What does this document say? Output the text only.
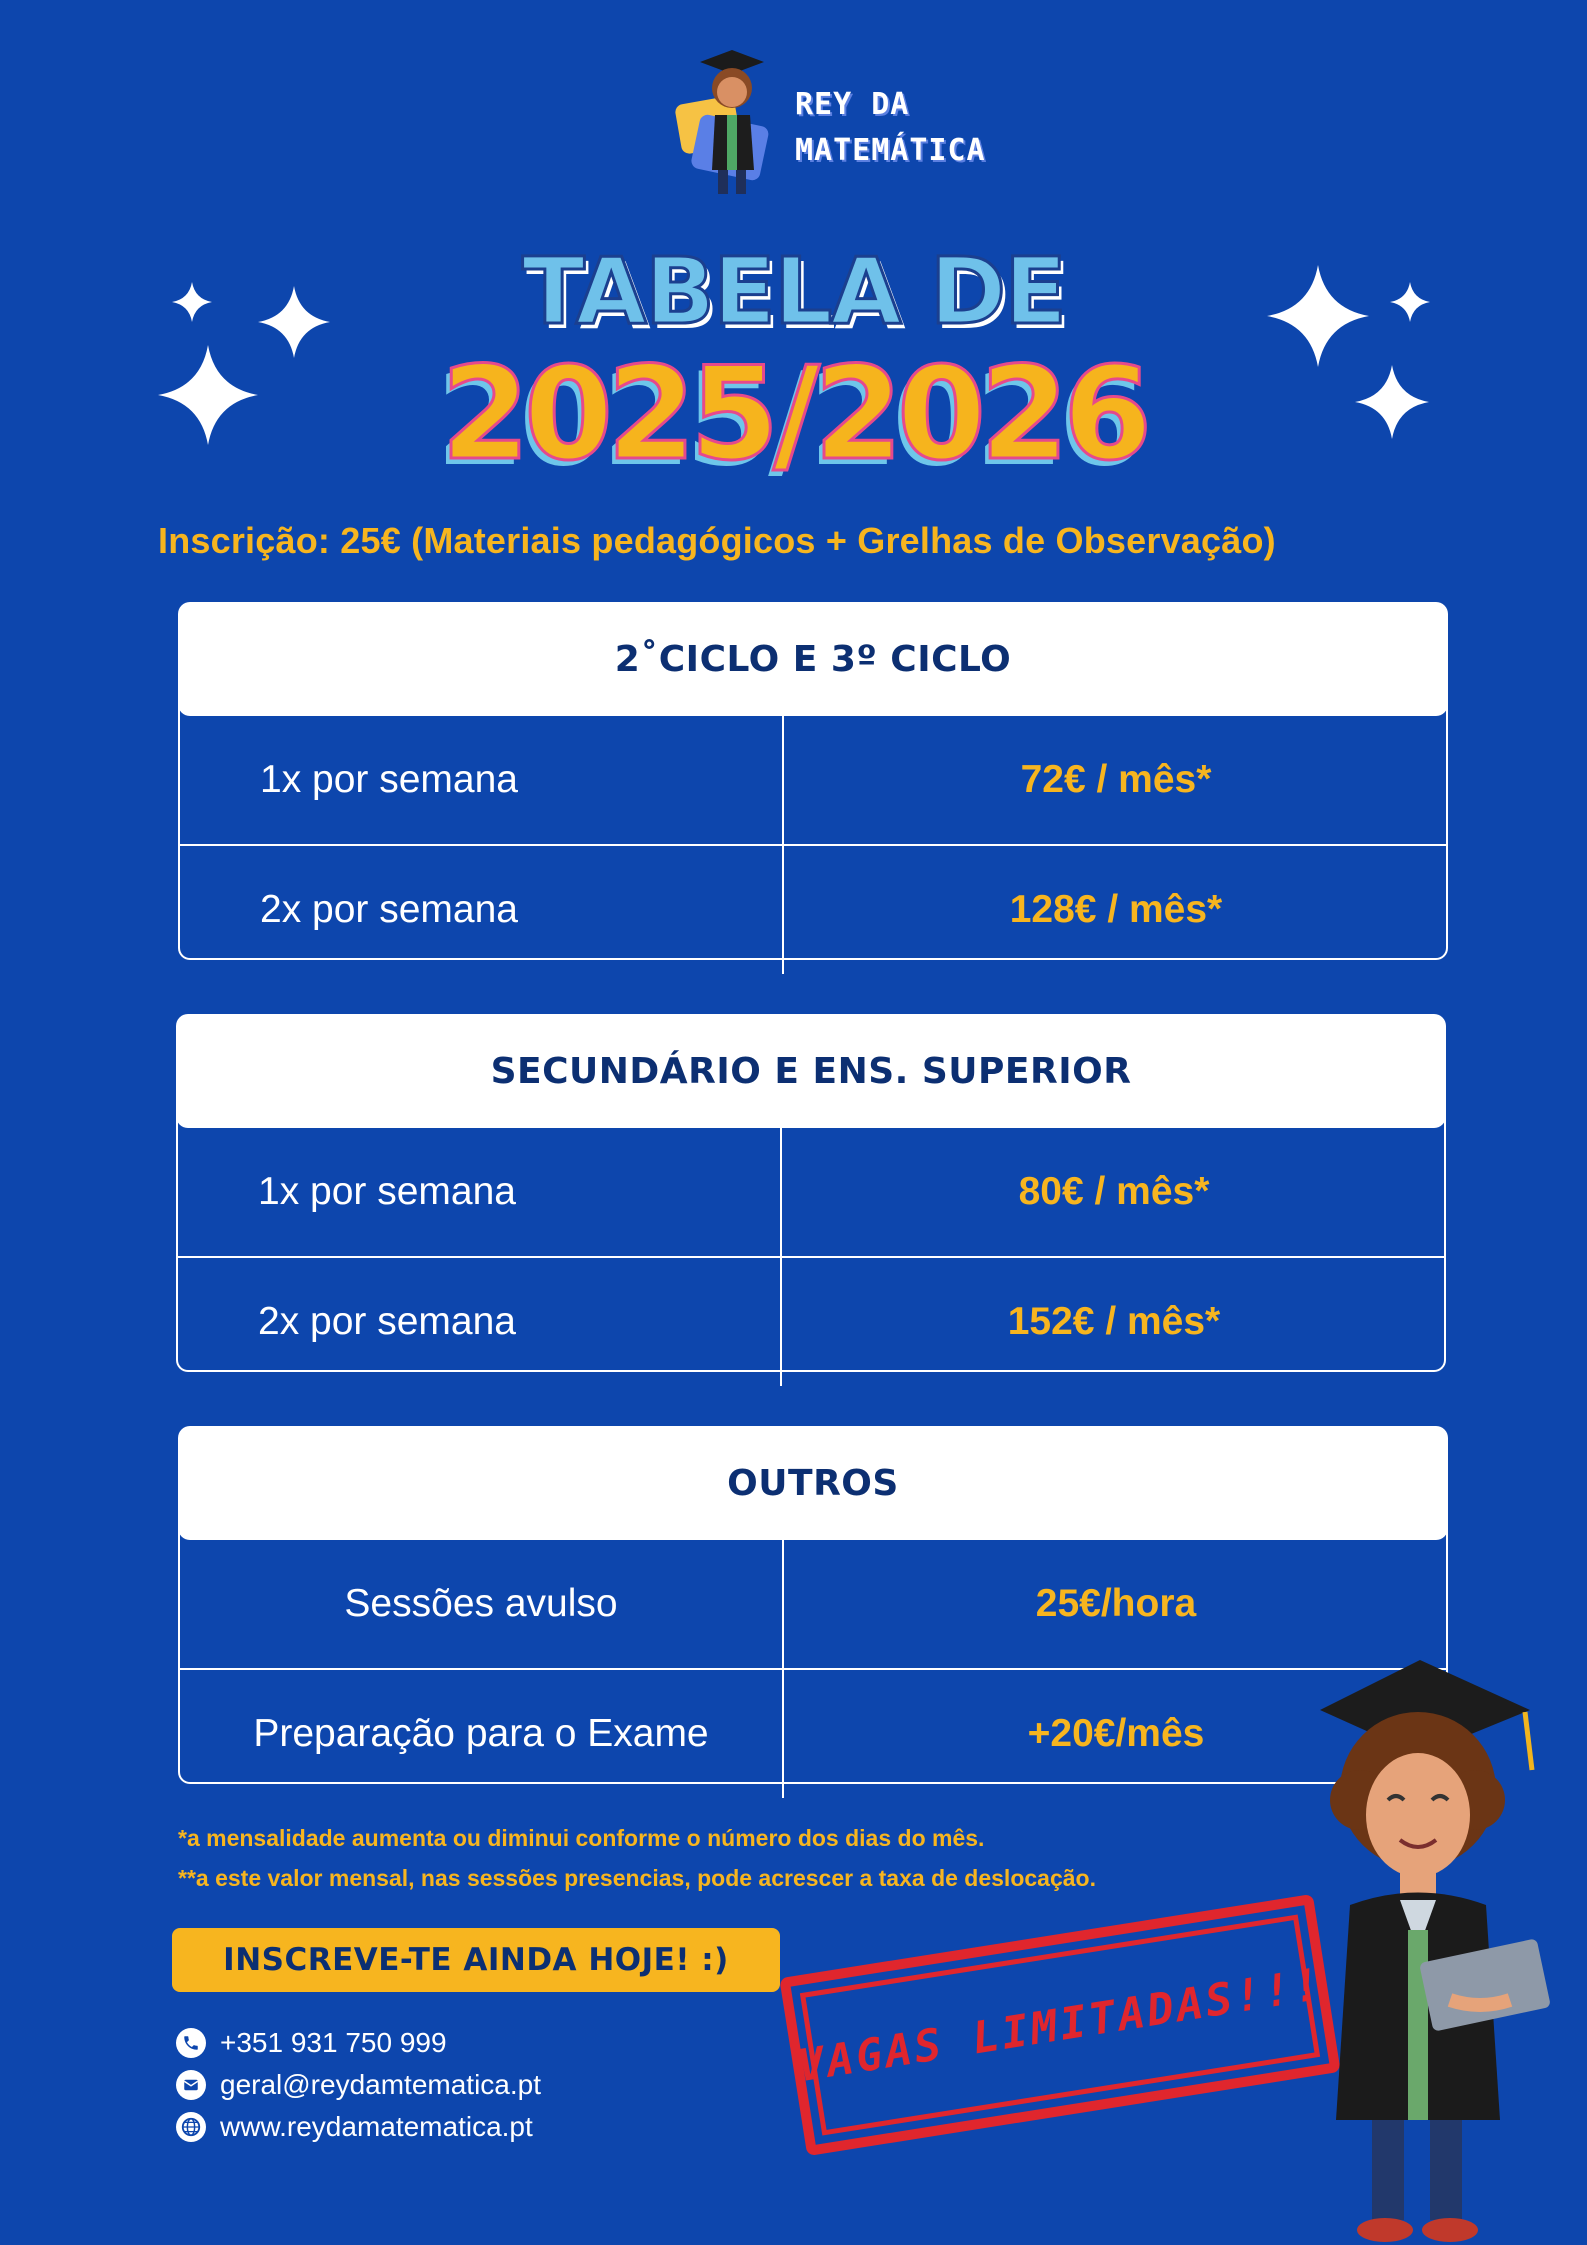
REY DA
MATEMÁTICA
TABELA DE
2025/2026
Inscrição: 25€ (Materiais pedagógicos + Grelhas de Observação)
2˚CICLO E 3º CICLO
1x por semana	72€ / mês*
2x por semana	128€ / mês*
SECUNDÁRIO E ENS. SUPERIOR
1x por semana	80€ / mês*
2x por semana	152€ / mês*
OUTROS
Sessões avulso	25€/hora
Preparação para o Exame	+20€/mês
*a mensalidade aumenta ou diminui conforme o número dos dias do mês.
**a este valor mensal, nas sessões presencias, pode acrescer a taxa de deslocação.
INSCREVE-TE AINDA HOJE! :)
+351 931 750 999
geral@reydamtematica.pt
www.reydamatematica.pt
VAGAS LIMITADAS!!!
